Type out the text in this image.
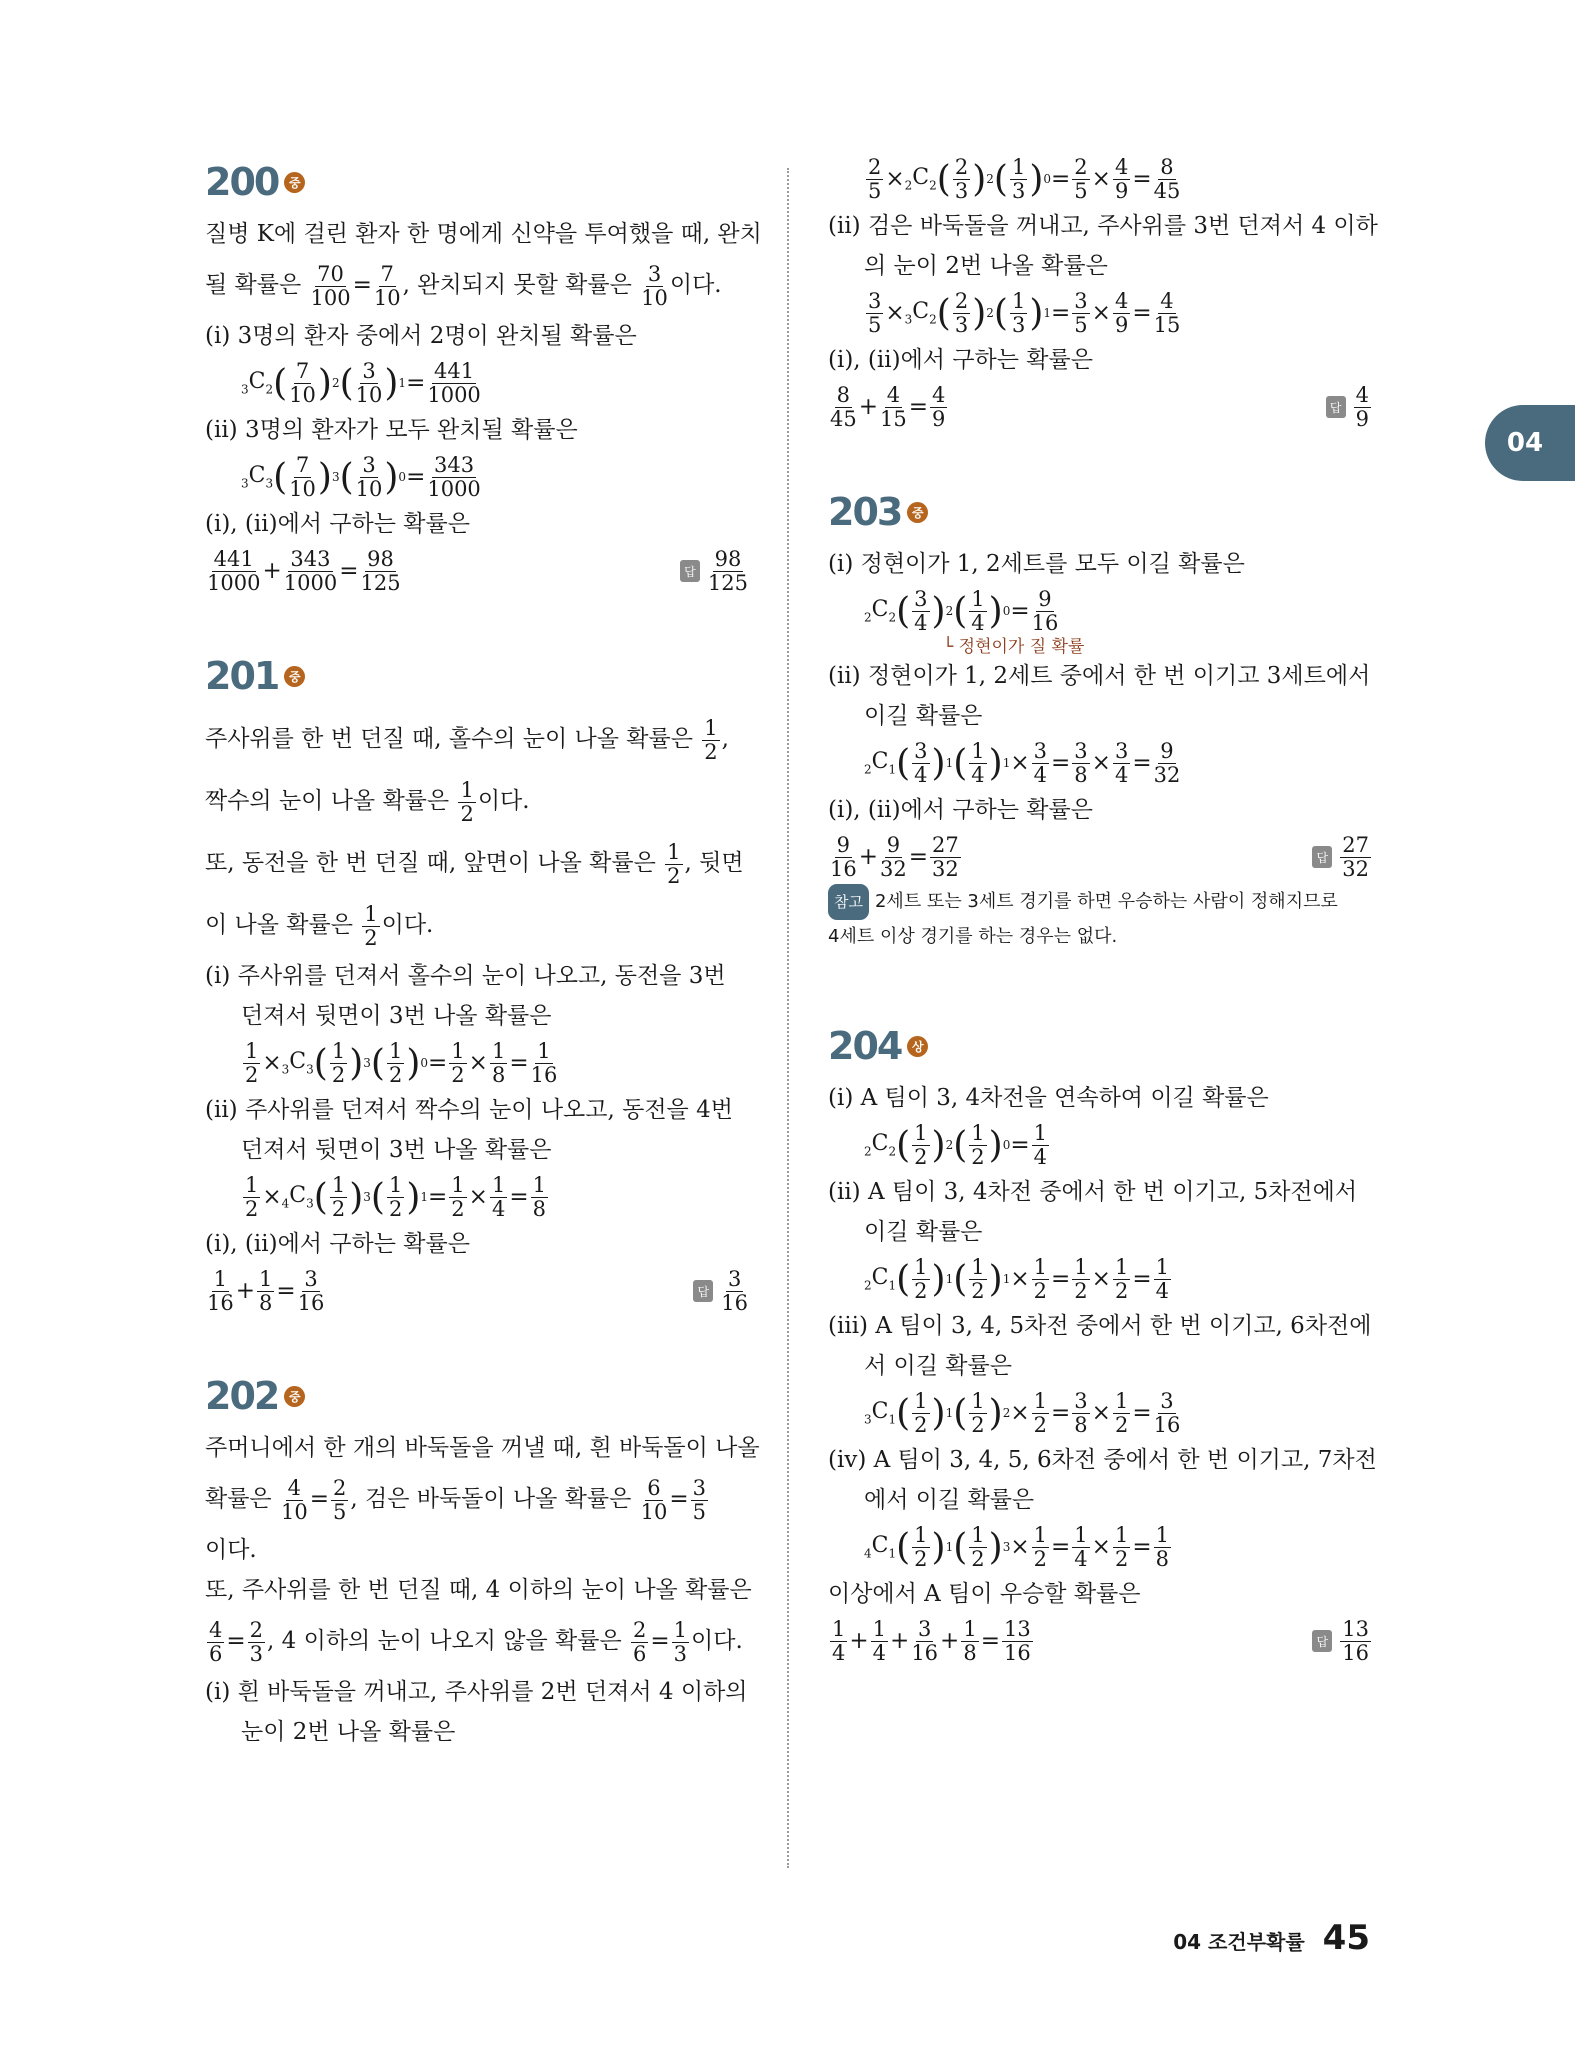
04
200 중
질병 K에 걸린 환자 한 명에게 신약을 투여했을 때, 완치
될 확률은 $\frac{70}{100} = \frac{7}{10}$ , 완치되지 못할 확률은 $\frac{3}{10}$ 이다.
(ⅰ) 3명의 환자 중에서 2명이 완치될 확률은
$_3C_2$ ( $\frac{7}{10}$ ) 2 ( $\frac{3}{10}$ ) $1 = \frac{441}{1000}$
(ⅱ) 3명의 환자가 모두 완치될 확률은
$_3C_3$ ( $\frac{7}{10}$ ) 3 ( $\frac{3}{10}$ ) $0 = \frac{343}{1000}$
(ⅰ), (ⅱ)에서 구하는 확률은
$\frac{441}{1000} + \frac{343}{1000} = \frac{98}{125}$	답 $\frac{98}{125}$
201 중
주사위를 한 번 던질 때, 홀수의 눈이 나올 확률은 $\frac{1}{2}$ ,
짝수의 눈이 나올 확률은 $\frac{1}{2}$ 이다.
또, 동전을 한 번 던질 때, 앞면이 나올 확률은 $\frac{1}{2}$ , 뒷면
이 나올 확률은 $\frac{1}{2}$ 이다.
(ⅰ) 주사위를 던져서 홀수의 눈이 나오고, 동전을 3번
던져서 뒷면이 3번 나올 확률은
$\frac{1}{2} \times _3C_3$ ( $\frac{1}{2}$ ) 3 ( $\frac{1}{2}$ ) $0 = \frac{1}{2} \times \frac{1}{8} = \frac{1}{16}$
(ⅱ) 주사위를 던져서 짝수의 눈이 나오고, 동전을 4번
던져서 뒷면이 3번 나올 확률은
$\frac{1}{2} \times _4C_3$ ( $\frac{1}{2}$ ) 3 ( $\frac{1}{2}$ ) $1 = \frac{1}{2} \times \frac{1}{4} = \frac{1}{8}$
(ⅰ), (ⅱ)에서 구하는 확률은
$\frac{1}{16} + \frac{1}{8} = \frac{3}{16}$	답 $\frac{3}{16}$
202 중
주머니에서 한 개의 바둑돌을 꺼낼 때, 흰 바둑돌이 나올
확률은 $\frac{4}{10} = \frac{2}{5}$ , 검은 바둑돌이 나올 확률은 $\frac{6}{10} = \frac{3}{5}$
이다.
또, 주사위를 한 번 던질 때, 4 이하의 눈이 나올 확률은
$\frac{4}{6} = \frac{2}{3}$ , 4 이하의 눈이 나오지 않을 확률은 $\frac{2}{6} = \frac{1}{3}$ 이다.
(ⅰ) 흰 바둑돌을 꺼내고, 주사위를 2번 던져서 4 이하의
눈이 2번 나올 확률은
$\frac{2}{5} \times _2C_2$ ( $\frac{2}{3}$ ) 2 ( $\frac{1}{3}$ ) $0 = \frac{2}{5} \times \frac{4}{9} = \frac{8}{45}$
(ⅱ) 검은 바둑돌을 꺼내고, 주사위를 3번 던져서 4 이하
의 눈이 2번 나올 확률은
$\frac{3}{5} \times _3C_2$ ( $\frac{2}{3}$ ) 2 ( $\frac{1}{3}$ ) $1 = \frac{3}{5} \times \frac{4}{9} = \frac{4}{15}$
(ⅰ), (ⅱ)에서 구하는 확률은
$\frac{8}{45} + \frac{4}{15} = \frac{4}{9}$	답 $\frac{4}{9}$
203 중
(ⅰ) 정현이가 1, 2세트를 모두 이길 확률은
$_2C_2$ ( $\frac{3}{4}$ ) 2 ( $\frac{1}{4}$ ) $0 = \frac{9}{16}$
└ 정현이가 질 확률
(ⅱ) 정현이가 1, 2세트 중에서 한 번 이기고 3세트에서
이길 확률은
$_2C_1$ ( $\frac{3}{4}$ ) 1 ( $\frac{1}{4}$ ) $1 \times \frac{3}{4} = \frac{3}{8} \times \frac{3}{4} = \frac{9}{32}$
(ⅰ), (ⅱ)에서 구하는 확률은
$\frac{9}{16} + \frac{9}{32} = \frac{27}{32}$	답 $\frac{27}{32}$
참고 2세트 또는 3세트 경기를 하면 우승하는 사람이 정해지므로
4세트 이상 경기를 하는 경우는 없다.
204 상
(ⅰ) A 팀이 3, 4차전을 연속하여 이길 확률은
$_2C_2$ ( $\frac{1}{2}$ ) 2 ( $\frac{1}{2}$ ) $0 = \frac{1}{4}$
(ⅱ) A 팀이 3, 4차전 중에서 한 번 이기고, 5차전에서
이길 확률은
$_2C_1$ ( $\frac{1}{2}$ ) 1 ( $\frac{1}{2}$ ) $1 \times \frac{1}{2} = \frac{1}{2} \times \frac{1}{2} = \frac{1}{4}$
(ⅲ) A 팀이 3, 4, 5차전 중에서 한 번 이기고, 6차전에
서 이길 확률은
$_3C_1$ ( $\frac{1}{2}$ ) 1 ( $\frac{1}{2}$ ) $2 \times \frac{1}{2} = \frac{3}{8} \times \frac{1}{2} = \frac{3}{16}$
(ⅳ) A 팀이 3, 4, 5, 6차전 중에서 한 번 이기고, 7차전
에서 이길 확률은
$_4C_1$ ( $\frac{1}{2}$ ) 1 ( $\frac{1}{2}$ ) $3 \times \frac{1}{2} = \frac{1}{4} \times \frac{1}{2} = \frac{1}{8}$
이상에서 A 팀이 우승할 확률은
$\frac{1}{4} + \frac{1}{4} + \frac{3}{16} + \frac{1}{8} = \frac{13}{16}$	답 $\frac{13}{16}$
04 조건부확률 45
